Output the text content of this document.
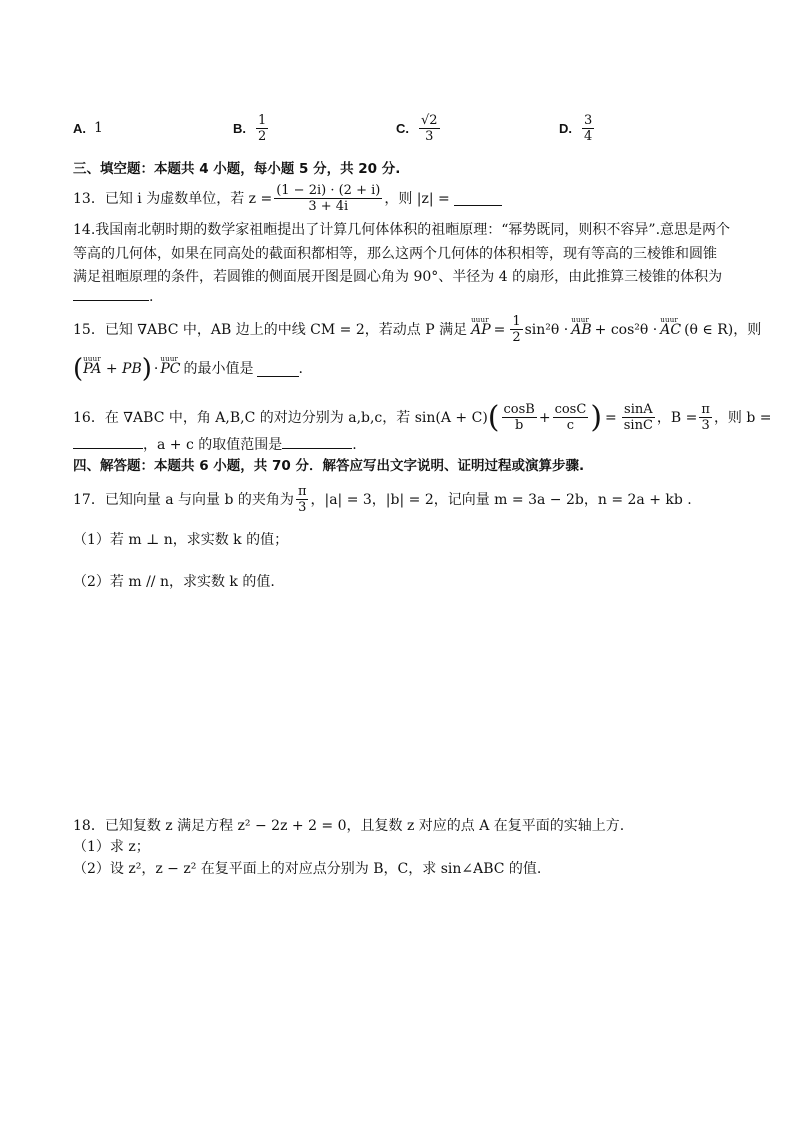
A. 1	B. $\frac{1}{2}$	C. $\frac{√2}{3}$	D. $\frac{3}{4}$
三、填空题：本题共 4 小题，每小题 5 分，共 20 分.
13．已知 i 为虚数单位，若 $z = \frac{(1 - 2i) \cdot (2 + i)}{3 + 4i}$ ，则 |z| =
14.我国南北朝时期的数学家祖暅提出了计算几何体体积的祖暅原理：“幂势既同，则积不容异”.意思是两个
等高的几何体，如果在同高处的截面积都相等，那么这两个几何体的体积相等，现有等高的三棱锥和圆锥
满足祖暅原理的条件，若圆锥的侧面展开图是圆心角为 90°、半径为 4 的扇形，由此推算三棱锥的体积为
.
15．已知 ∇ABC 中，AB 边上的中线 CM = 2，若动点 P 满足
u u u r AP = $\frac{1}{2} \sin^2\theta$ ·
u u u r AB + cos²θ ·
u u u r AC (θ ∈ R)，则
(
u u u r PA + PB ) ·
u u u r PC 的最小值是	.
16．在 ∇ABC 中，角 A,B,C 的对边分别为 a,b,c，若 sin(A + C) ( $\frac{\cos B}{b} + \frac{\cos C}{c}$ ) = $\frac{\sin A}{\sin C}$ ，$B = \frac{\pi}{3}$ ，则 b =
，a + c 的取值范围是	.
四、解答题：本题共 6 小题，共 70 分．解答应写出文字说明、证明过程或演算步骤.
17．已知向量 a 与向量 b 的夹角为 $\frac{\pi}{3}$ ，|a| = 3，|b| = 2，记向量 m = 3a − 2b，n = 2a + kb .
（1）若 m ⊥ n，求实数 k 的值；
（2）若 m // n，求实数 k 的值.
18．已知复数 z 满足方程 z² − 2z + 2 = 0，且复数 z 对应的点 A 在复平面的实轴上方.
（1）求 z；
（2）设 z²，z − z² 在复平面上的对应点分别为 B，C，求 sin∠ABC 的值.
